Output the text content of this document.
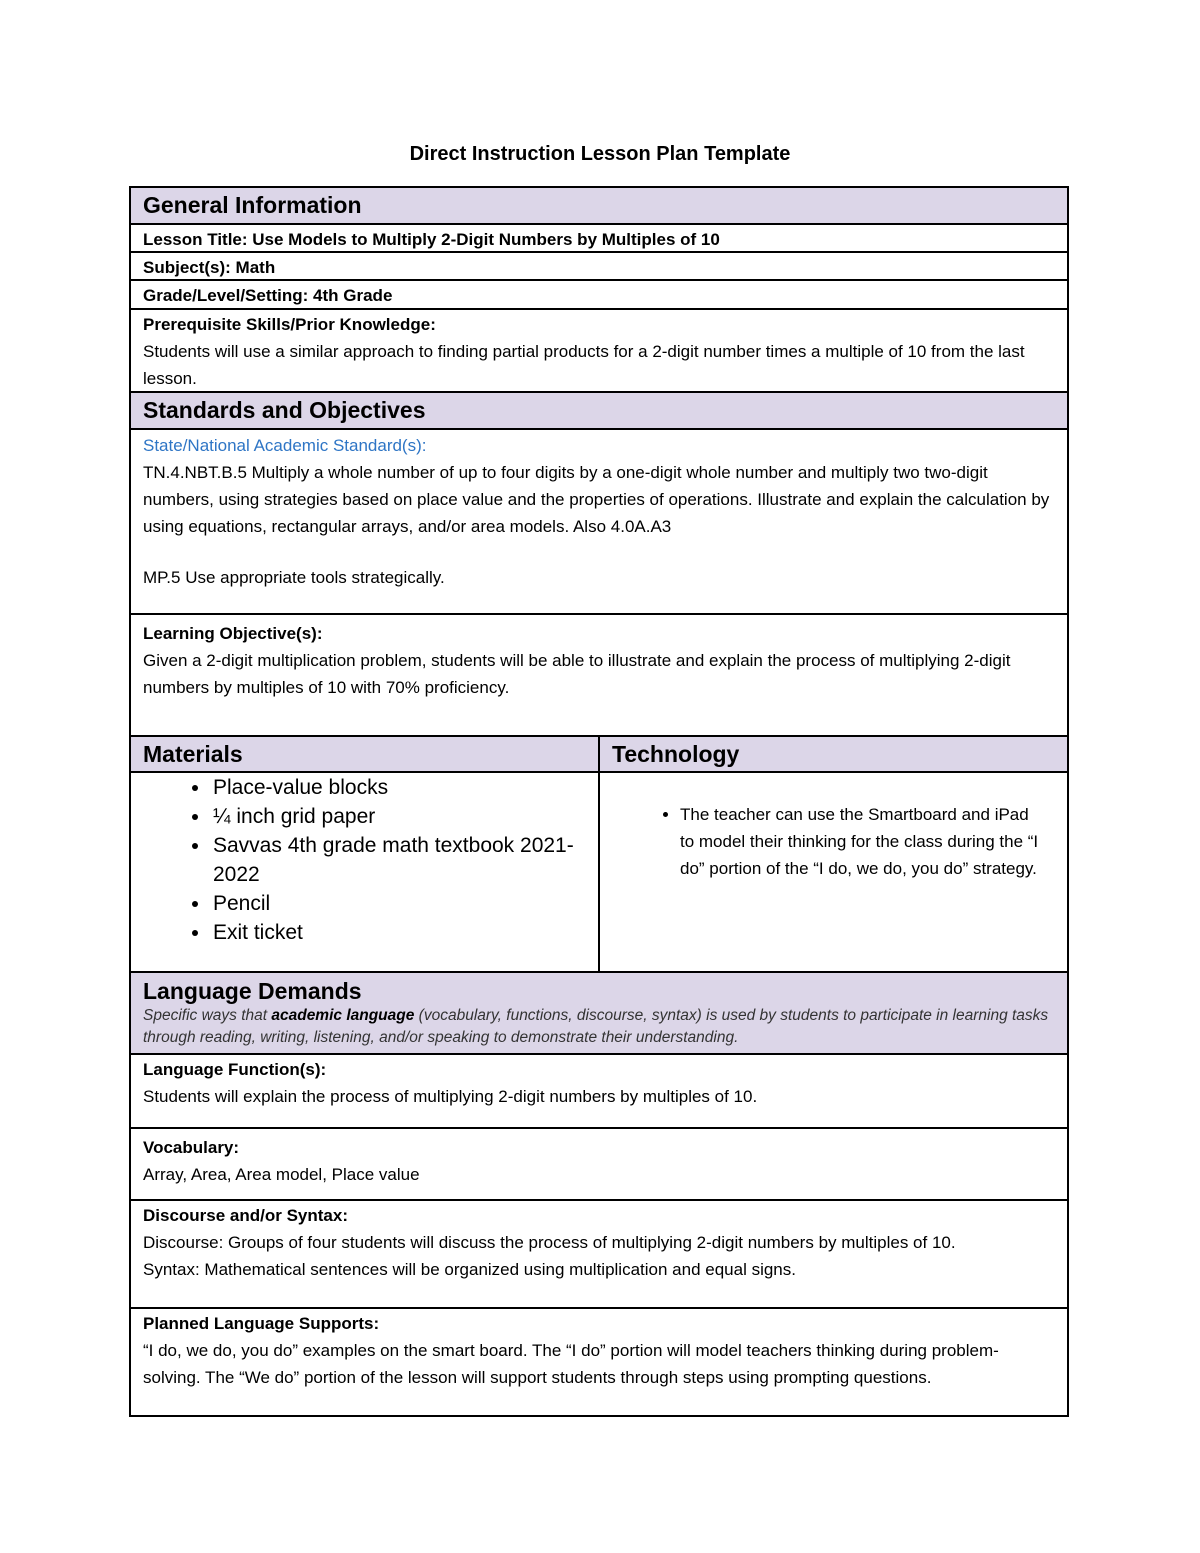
Direct Instruction Lesson Plan Template
General Information
Lesson Title: Use Models to Multiply 2-Digit Numbers by Multiples of 10
Subject(s): Math
Grade/Level/Setting: 4th Grade
Prerequisite Skills/Prior Knowledge:
Students will use a similar approach to finding partial products for a 2-digit number times a multiple of 10 from the last lesson.
Standards and Objectives
State/National Academic Standard(s):
TN.4.NBT.B.5 Multiply a whole number of up to four digits by a one-digit whole number and multiply two two-digit numbers, using strategies based on place value and the properties of operations. Illustrate and explain the calculation by using equations, rectangular arrays, and/or area models. Also 4.0A.A3
MP.5 Use appropriate tools strategically.
Learning Objective(s):
Given a 2-digit multiplication problem, students will be able to illustrate and explain the process of multiplying 2-digit numbers by multiples of 10 with 70% proficiency.
Materials	Technology
• Place-value blocks
• ¼ inch grid paper
• Savvas 4th grade math textbook 2021-2022
• Pencil
• Exit ticket
• The teacher can use the Smartboard and iPad to model their thinking for the class during the “I do” portion of the “I do, we do, you do” strategy.
Language Demands
Specific ways that academic language (vocabulary, functions, discourse, syntax) is used by students to participate in learning tasks through reading, writing, listening, and/or speaking to demonstrate their understanding.
Language Function(s):
Students will explain the process of multiplying 2-digit numbers by multiples of 10.
Vocabulary:
Array, Area, Area model, Place value
Discourse and/or Syntax:
Discourse: Groups of four students will discuss the process of multiplying 2-digit numbers by multiples of 10.
Syntax: Mathematical sentences will be organized using multiplication and equal signs.
Planned Language Supports:
“I do, we do, you do” examples on the smart board. The “I do” portion will model teachers thinking during problem-solving. The “We do” portion of the lesson will support students through steps using prompting questions.
